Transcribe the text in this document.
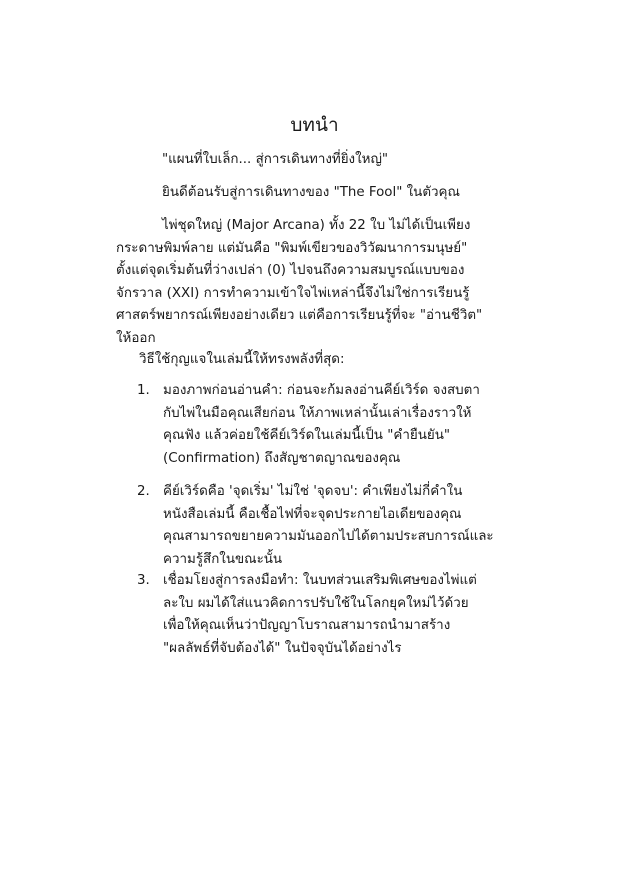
บทนำ
"แผนที่ใบเล็ก... สู่การเดินทางที่ยิ่งใหญ่"
ยินดีต้อนรับสู่การเดินทางของ "The Fool" ในตัวคุณ
ไพ่ชุดใหญ่ (Major Arcana) ทั้ง 22 ใบ ไม่ได้เป็นเพียง
กระดาษพิมพ์ลาย แต่มันคือ "พิมพ์เขียวของวิวัฒนาการมนุษย์"
ตั้งแต่จุดเริ่มต้นที่ว่างเปล่า (0) ไปจนถึงความสมบูรณ์แบบของ
จักรวาล (XXI) การทำความเข้าใจไพ่เหล่านี้จึงไม่ใช่การเรียนรู้
ศาสตร์พยากรณ์เพียงอย่างเดียว แต่คือการเรียนรู้ที่จะ "อ่านชีวิต"
ให้ออก
วิธีใช้กุญแจในเล่มนี้ให้ทรงพลังที่สุด:
1. มองภาพก่อนอ่านคำ: ก่อนจะก้มลงอ่านคีย์เวิร์ด จงสบตา
กับไพ่ในมือคุณเสียก่อน ให้ภาพเหล่านั้นเล่าเรื่องราวให้
คุณฟัง แล้วค่อยใช้คีย์เวิร์ดในเล่มนี้เป็น "คำยืนยัน"
(Confirmation) ถึงสัญชาตญาณของคุณ
2. คีย์เวิร์ดคือ 'จุดเริ่ม' ไม่ใช่ 'จุดจบ': คำเพียงไม่กี่คำใน
หนังสือเล่มนี้ คือเชื้อไฟที่จะจุดประกายไอเดียของคุณ
คุณสามารถขยายความมันออกไปได้ตามประสบการณ์และ
ความรู้สึกในขณะนั้น
3. เชื่อมโยงสู่การลงมือทำ: ในบทส่วนเสริมพิเศษของไพ่แต่
ละใบ ผมได้ใส่แนวคิดการปรับใช้ในโลกยุคใหม่ไว้ด้วย
เพื่อให้คุณเห็นว่าปัญญาโบราณสามารถนำมาสร้าง
"ผลลัพธ์ที่จับต้องได้" ในปัจจุบันได้อย่างไร
